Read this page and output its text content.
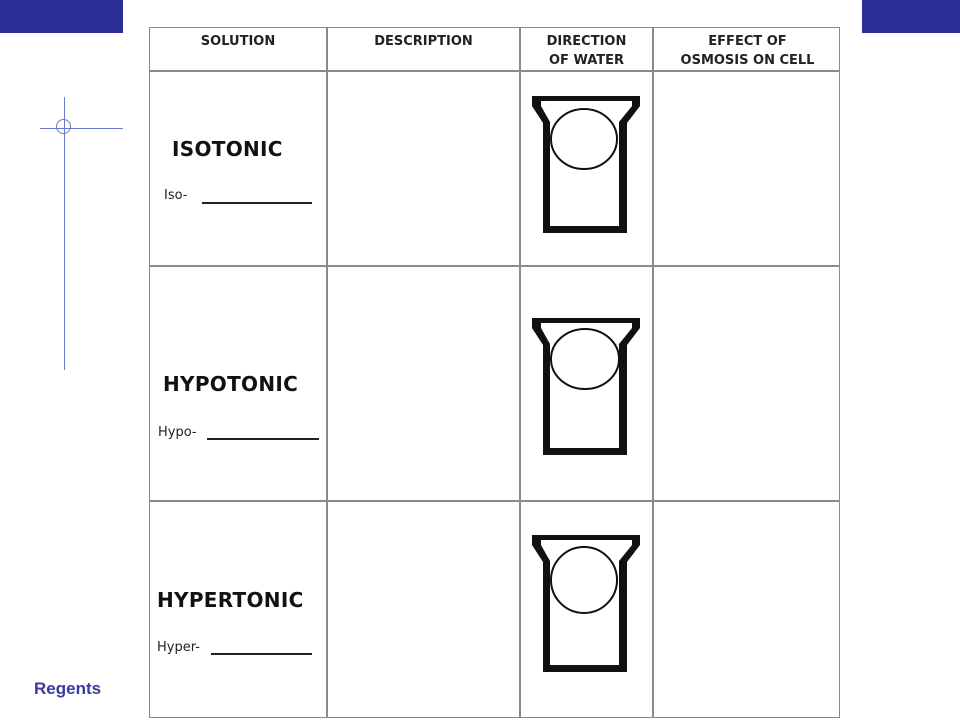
Regents
SOLUTION	DESCRIPTION	DIRECTION
OF WATER
EFFECT OF
OSMOSIS ON CELL
ISOTONIC
Iso-
HYPOTONIC
Hypo-
HYPERTONIC
Hyper-
